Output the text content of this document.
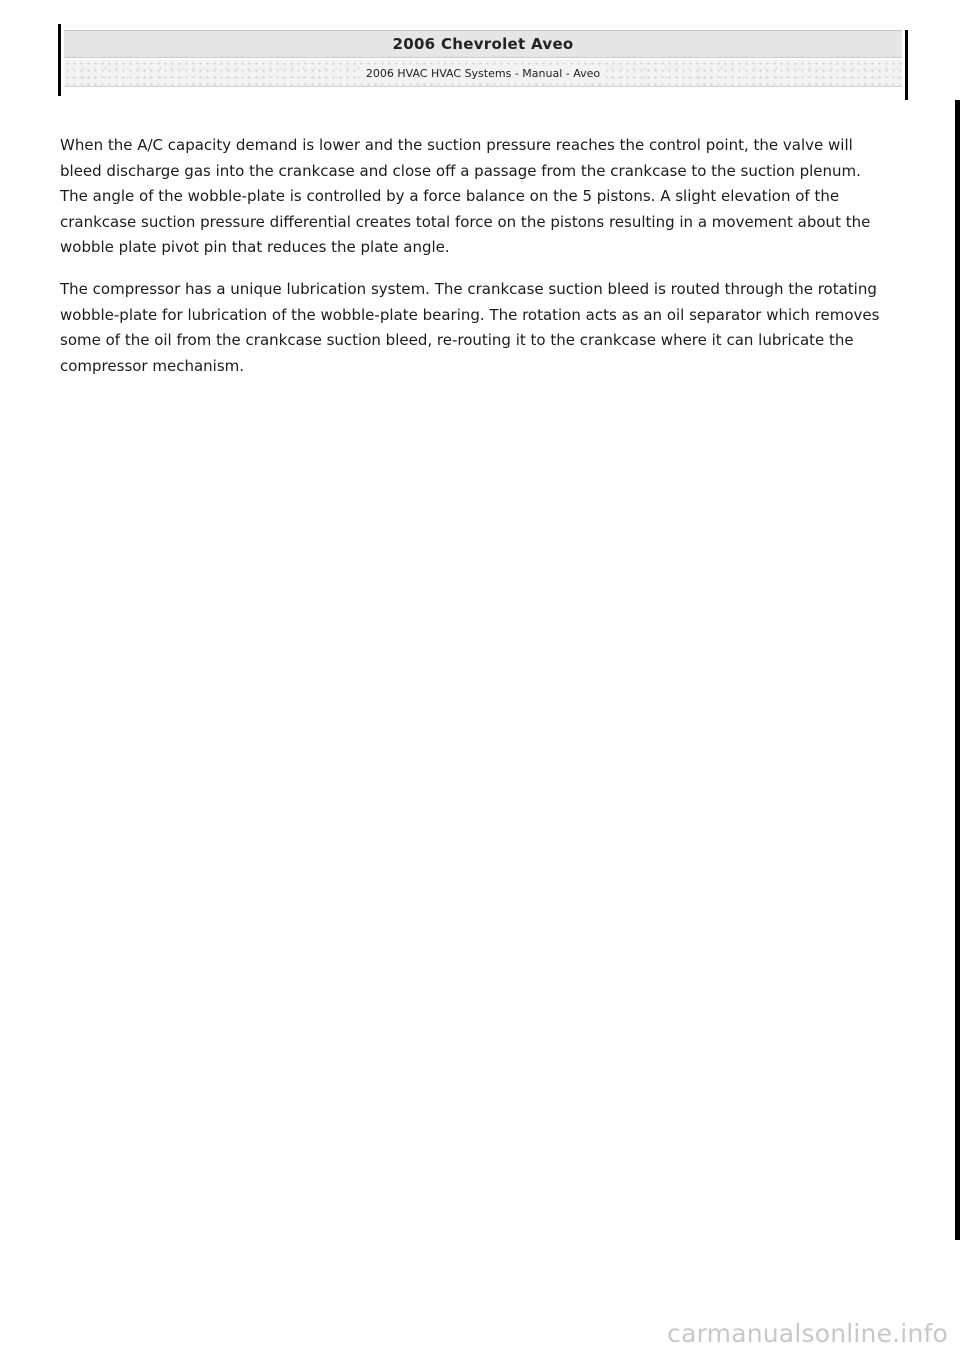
2006 Chevrolet Aveo
2006 HVAC HVAC Systems - Manual - Aveo

When the A/C capacity demand is lower and the suction pressure reaches the control point, the valve will bleed discharge gas into the crankcase and close off a passage from the crankcase to the suction plenum. The angle of the wobble-plate is controlled by a force balance on the 5 pistons. A slight elevation of the crankcase suction pressure differential creates total force on the pistons resulting in a movement about the wobble plate pivot pin that reduces the plate angle.

The compressor has a unique lubrication system. The crankcase suction bleed is routed through the rotating wobble-plate for lubrication of the wobble-plate bearing. The rotation acts as an oil separator which removes some of the oil from the crankcase suction bleed, re-routing it to the crankcase where it can lubricate the compressor mechanism.

carmanualsonline.info
